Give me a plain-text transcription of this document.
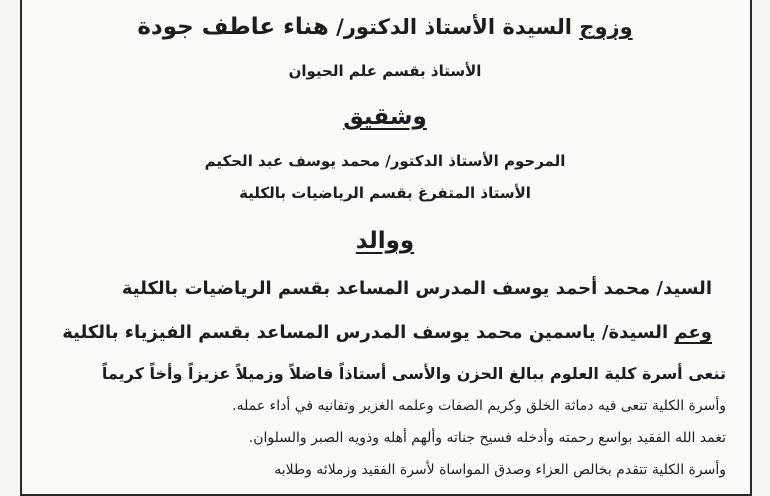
وزوج السيدة الأستاذ الدكتور/ هناء عاطف جودة
الأستاذ بقسم علم الحيوان
وشقيق
المرحوم الأستاذ الدكتور/ محمد يوسف عبد الحكيم
الأستاذ المتفرغ بقسم الرياضيات بالكلية
ووالد
السيد/ محمد أحمد يوسف المدرس المساعد بقسم الرياضيات بالكلية
وعم السيدة/ ياسمين محمد يوسف المدرس المساعد بقسم الفيزياء بالكلية
تنعى أسرة كلية العلوم ببالغ الحزن والأسى أستاذاً فاضلاً وزميلاً عزيزاً وأخاً كريماً
وأسرة الكلية تنعى فيه دماثة الخلق وكريم الصفات وعلمه الغزير وتفانيه في أداء عمله.
تغمد الله الفقيد بواسع رحمته وأدخله فسيح جناته وألهم أهله وذويه الصبر والسلوان.
وأسرة الكلية تتقدم بخالص العزاء وصدق المواساة لأسرة الفقيد وزملائه وطلابه
